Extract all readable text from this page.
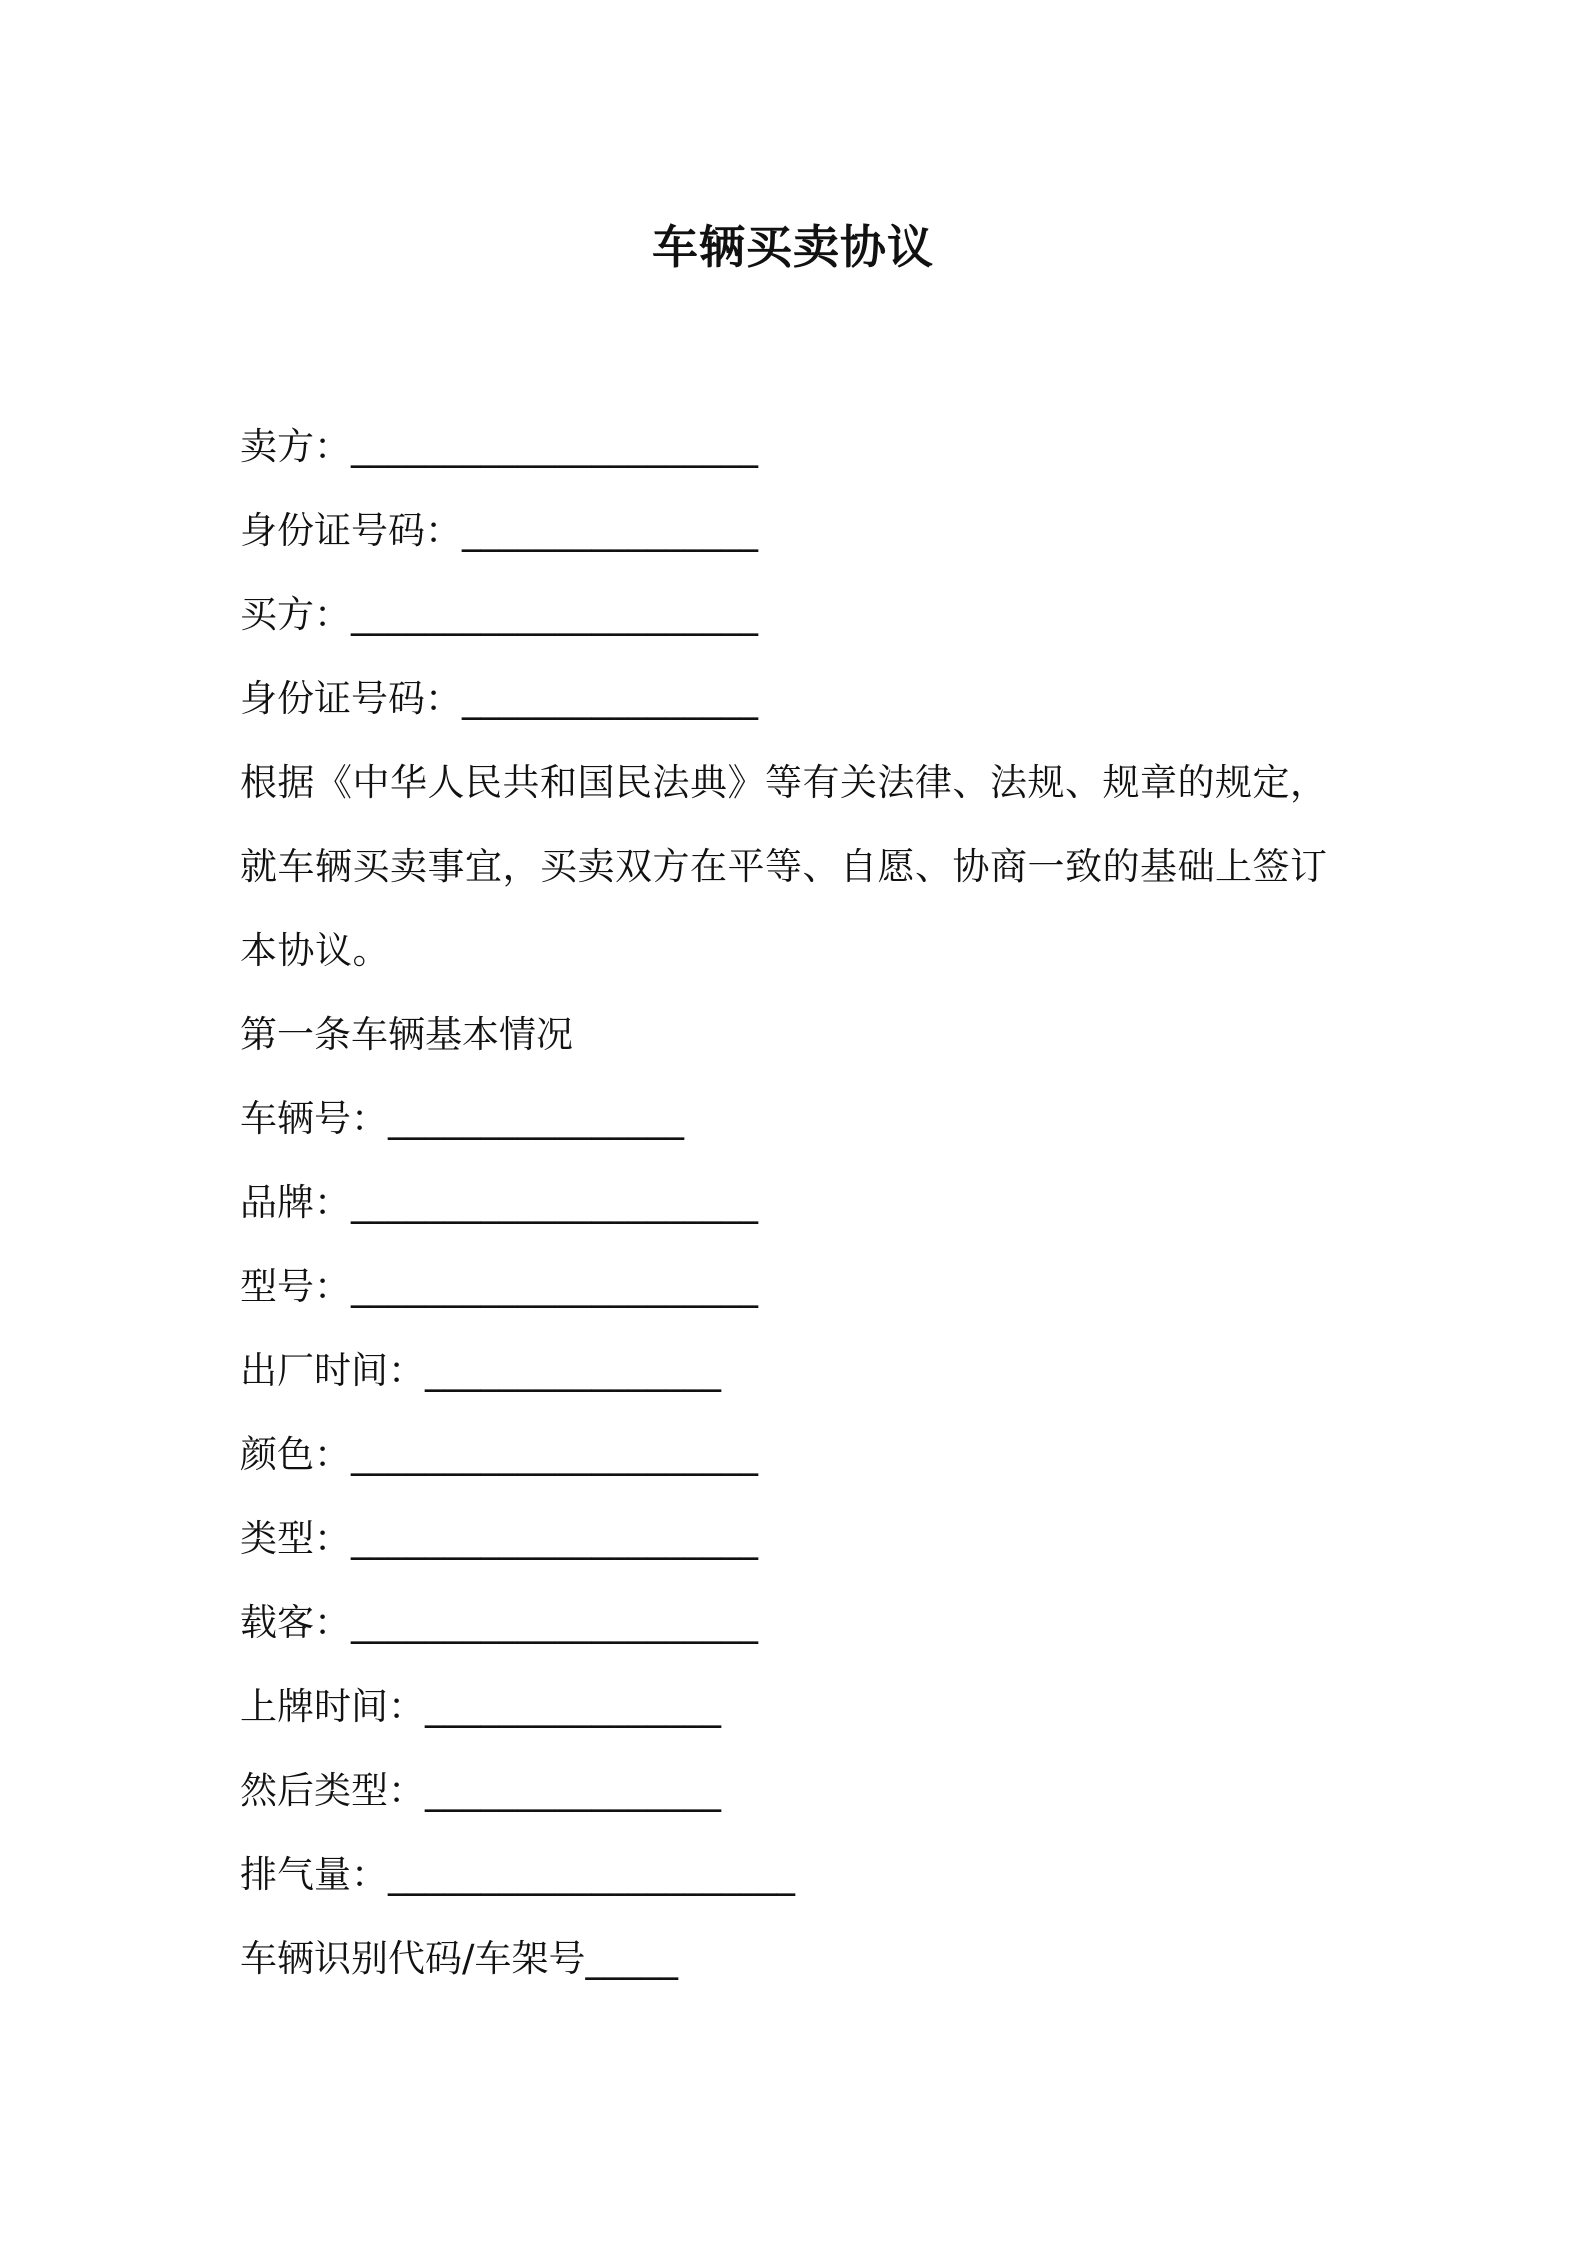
车辆买卖协议
卖方：______________________
身份证号码：________________
买方：______________________
身份证号码：________________
根据《中华人民共和国民法典》等有关法律、法规、规章的规定，就车辆买卖事宜，买卖双方在平等、自愿、协商一致的基础上签订本协议。
第一条车辆基本情况
车辆号：________________
品牌：______________________
型号：______________________
出厂时间：________________
颜色：______________________
类型：______________________
载客：______________________
上牌时间：________________
然后类型：________________
排气量：______________________
车辆识别代码/车架号_____
